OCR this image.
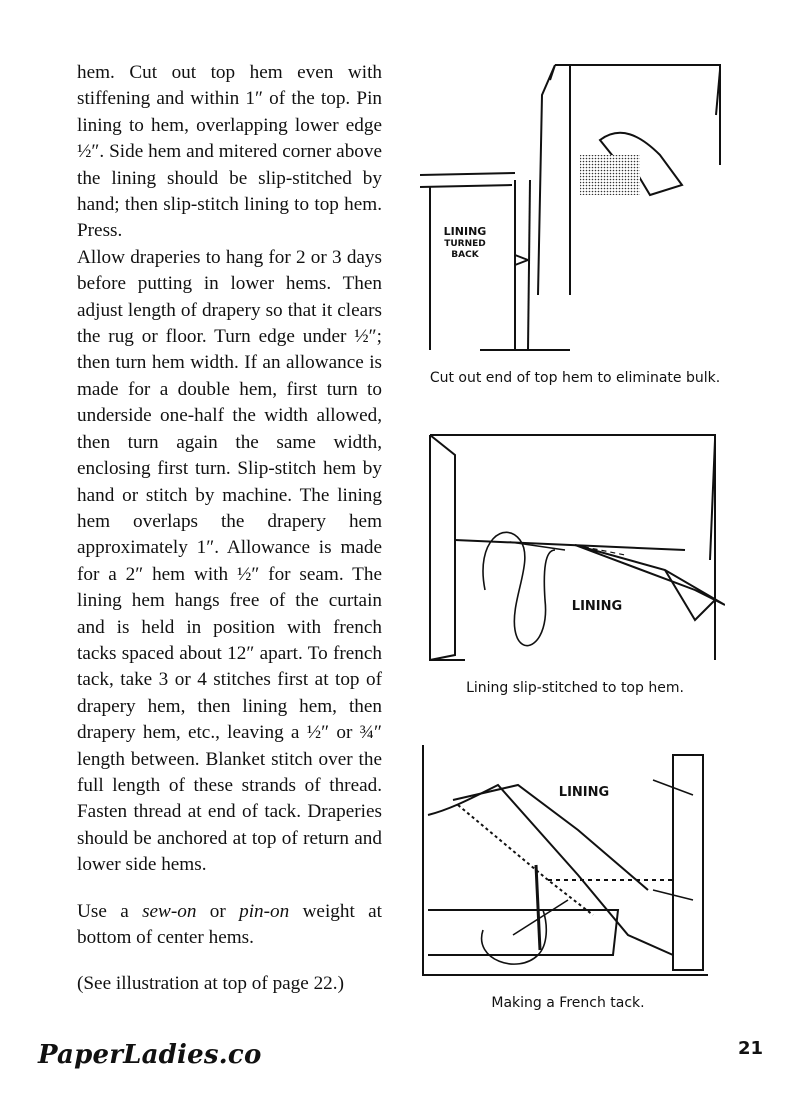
hem. Cut out top hem even with stiffening and within 1″ of the top. Pin lining to hem, overlapping lower edge ½″. Side hem and mitered corner above the lining should be slip-stitched by hand; then slip-stitch lining to top hem. Press.

Allow draperies to hang for 2 or 3 days before putting in lower hems. Then adjust length of drapery so that it clears the rug or floor. Turn edge under ½″; then turn hem width. If an allowance is made for a double hem, first turn to underside one-half the width allowed, then turn again the same width, enclosing first turn. Slip-stitch hem by hand or stitch by machine. The lining hem overlaps the drapery hem approximately 1″. Allowance is made for a 2″ hem with ½″ for seam. The lining hem hangs free of the curtain and is held in position with french tacks spaced about 12″ apart. To french tack, take 3 or 4 stitches first at top of drapery hem, then lining hem, then drapery hem, etc., leaving a ½″ or ¾″ length between. Blanket stitch over the full length of these strands of thread. Fasten thread at end of tack. Draperies should be anchored at top of return and lower side hems.

Use a sew-on or pin-on weight at bottom of center hems.

(See illustration at top of page 22.)

LINING
TURNED
BACK
Cut out end of top hem to eliminate bulk.
LINING
Lining slip-stitched to top hem.
LINING
Making a French tack.
PaperLadies.co	21
